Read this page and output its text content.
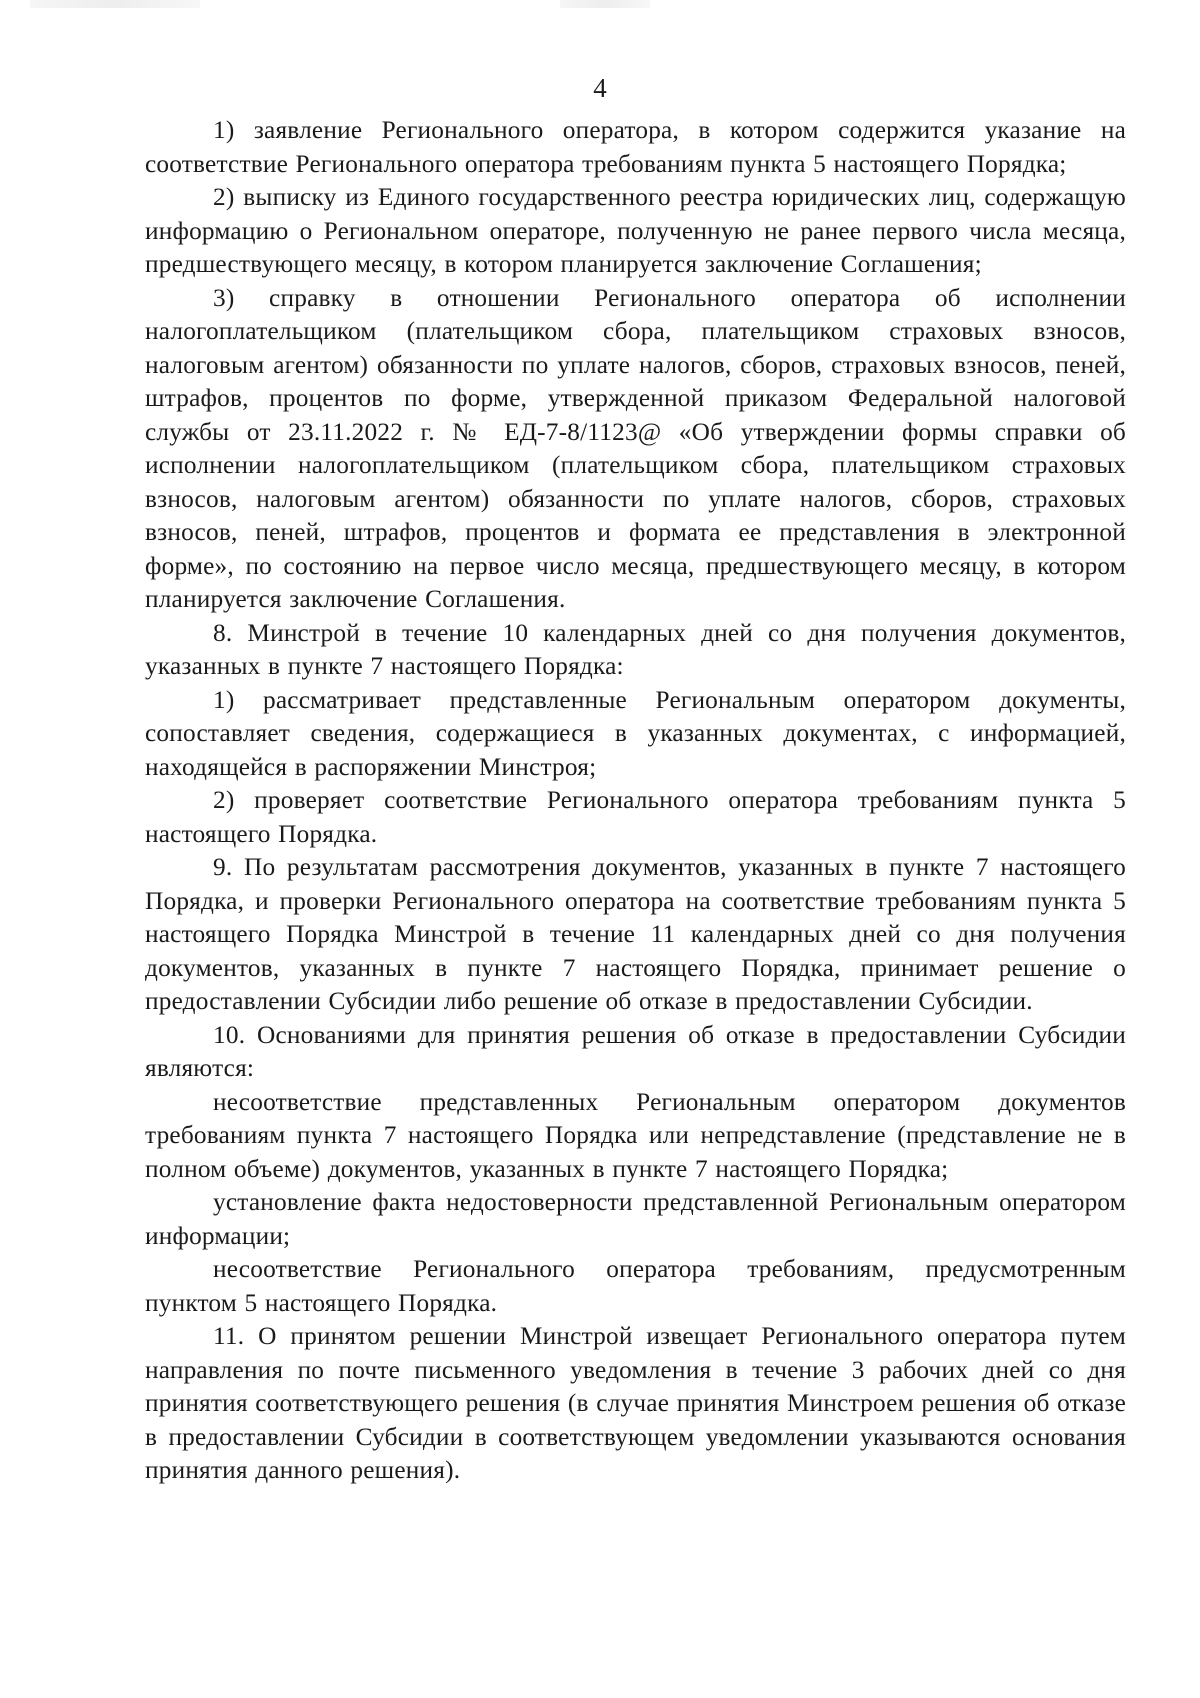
4

1) заявление Регионального оператора, в котором содержится указание на соответствие Регионального оператора требованиям пункта 5 настоящего Порядка;

2) выписку из Единого государственного реестра юридических лиц, содержащую информацию о Региональном операторе, полученную не ранее первого числа месяца, предшествующего месяцу, в котором планируется заключение Соглашения;

3) справку в отношении Регионального оператора об исполнении налогоплательщиком (плательщиком сбора, плательщиком страховых взносов, налоговым агентом) обязанности по уплате налогов, сборов, страховых взносов, пеней, штрафов, процентов по форме, утвержденной приказом Федеральной налоговой службы от 23.11.2022 г. № ЕД-7-8/1123@ «Об утверждении формы справки об исполнении налогоплательщиком (плательщиком сбора, плательщиком страховых взносов, налоговым агентом) обязанности по уплате налогов, сборов, страховых взносов, пеней, штрафов, процентов и формата ее представления в электронной форме», по состоянию на первое число месяца, предшествующего месяцу, в котором планируется заключение Соглашения.

8. Минстрой в течение 10 календарных дней со дня получения документов, указанных в пункте 7 настоящего Порядка:

1) рассматривает представленные Региональным оператором документы, сопоставляет сведения, содержащиеся в указанных документах, с информацией, находящейся в распоряжении Минстроя;

2) проверяет соответствие Регионального оператора требованиям пункта 5 настоящего Порядка.

9. По результатам рассмотрения документов, указанных в пункте 7 настоящего Порядка, и проверки Регионального оператора на соответствие требованиям пункта 5 настоящего Порядка Минстрой в течение 11 календарных дней со дня получения документов, указанных в пункте 7 настоящего Порядка, принимает решение о предоставлении Субсидии либо решение об отказе в предоставлении Субсидии.

10. Основаниями для принятия решения об отказе в предоставлении Субсидии являются:

несоответствие представленных Региональным оператором документов требованиям пункта 7 настоящего Порядка или непредставление (представление не в полном объеме) документов, указанных в пункте 7 настоящего Порядка;

установление факта недостоверности представленной Региональным оператором информации;

несоответствие Регионального оператора требованиям, предусмотренным пунктом 5 настоящего Порядка.

11. О принятом решении Минстрой извещает Регионального оператора путем направления по почте письменного уведомления в течение 3 рабочих дней со дня принятия соответствующего решения (в случае принятия Минстроем решения об отказе в предоставлении Субсидии в соответствующем уведомлении указываются основания принятия данного решения).
